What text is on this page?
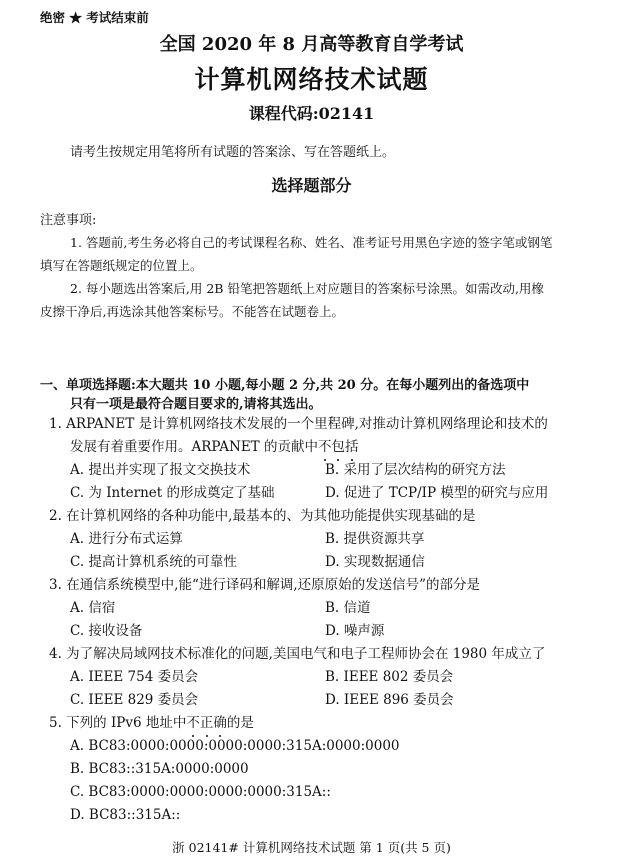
绝密 ★ 考试结束前
全国 2020 年 8 月高等教育自学考试
计算机网络技术试题
课程代码:02141
请考生按规定用笔将所有试题的答案涂、写在答题纸上。
选择题部分
注意事项:
1. 答题前,考生务必将自己的考试课程名称、姓名、准考证号用黑色字迹的签字笔或钢笔
填写在答题纸规定的位置上。
2. 每小题选出答案后,用 2B 铅笔把答题纸上对应题目的答案标号涂黑。如需改动,用橡
皮擦干净后,再选涂其他答案标号。不能答在试题卷上。
一、单项选择题:本大题共 10 小题,每小题 2 分,共 20 分。在每小题列出的备选项中
只有一项是最符合题目要求的,请将其选出。
1. ARPANET 是计算机网络技术发展的一个里程碑,对推动计算机网络理论和技术的
发展有着重要作用。ARPANET 的贡献中不包括
A. 提出并实现了报文交换技术	B. 采用了层次结构的研究方法
C. 为 Internet 的形成奠定了基础	D. 促进了 TCP/IP 模型的研究与应用
2. 在计算机网络的各种功能中,最基本的、为其他功能提供实现基础的是
A. 进行分布式运算	B. 提供资源共享
C. 提高计算机系统的可靠性	D. 实现数据通信
3. 在通信系统模型中,能“进行译码和解调,还原原始的发送信号”的部分是
A. 信宿	B. 信道
C. 接收设备	D. 噪声源
4. 为了解决局域网技术标准化的问题,美国电气和电子工程师协会在 1980 年成立了
A. IEEE 754 委员会	B. IEEE 802 委员会
C. IEEE 829 委员会	D. IEEE 896 委员会
5. 下列的 IPv6 地址中不正确的是
A. BC83:0000:0000:0000:0000:315A:0000:0000
B. BC83::315A:0000:0000
C. BC83:0000:0000:0000:0000:315A::
D. BC83::315A::
浙 02141# 计算机网络技术试题 第 1 页(共 5 页)
